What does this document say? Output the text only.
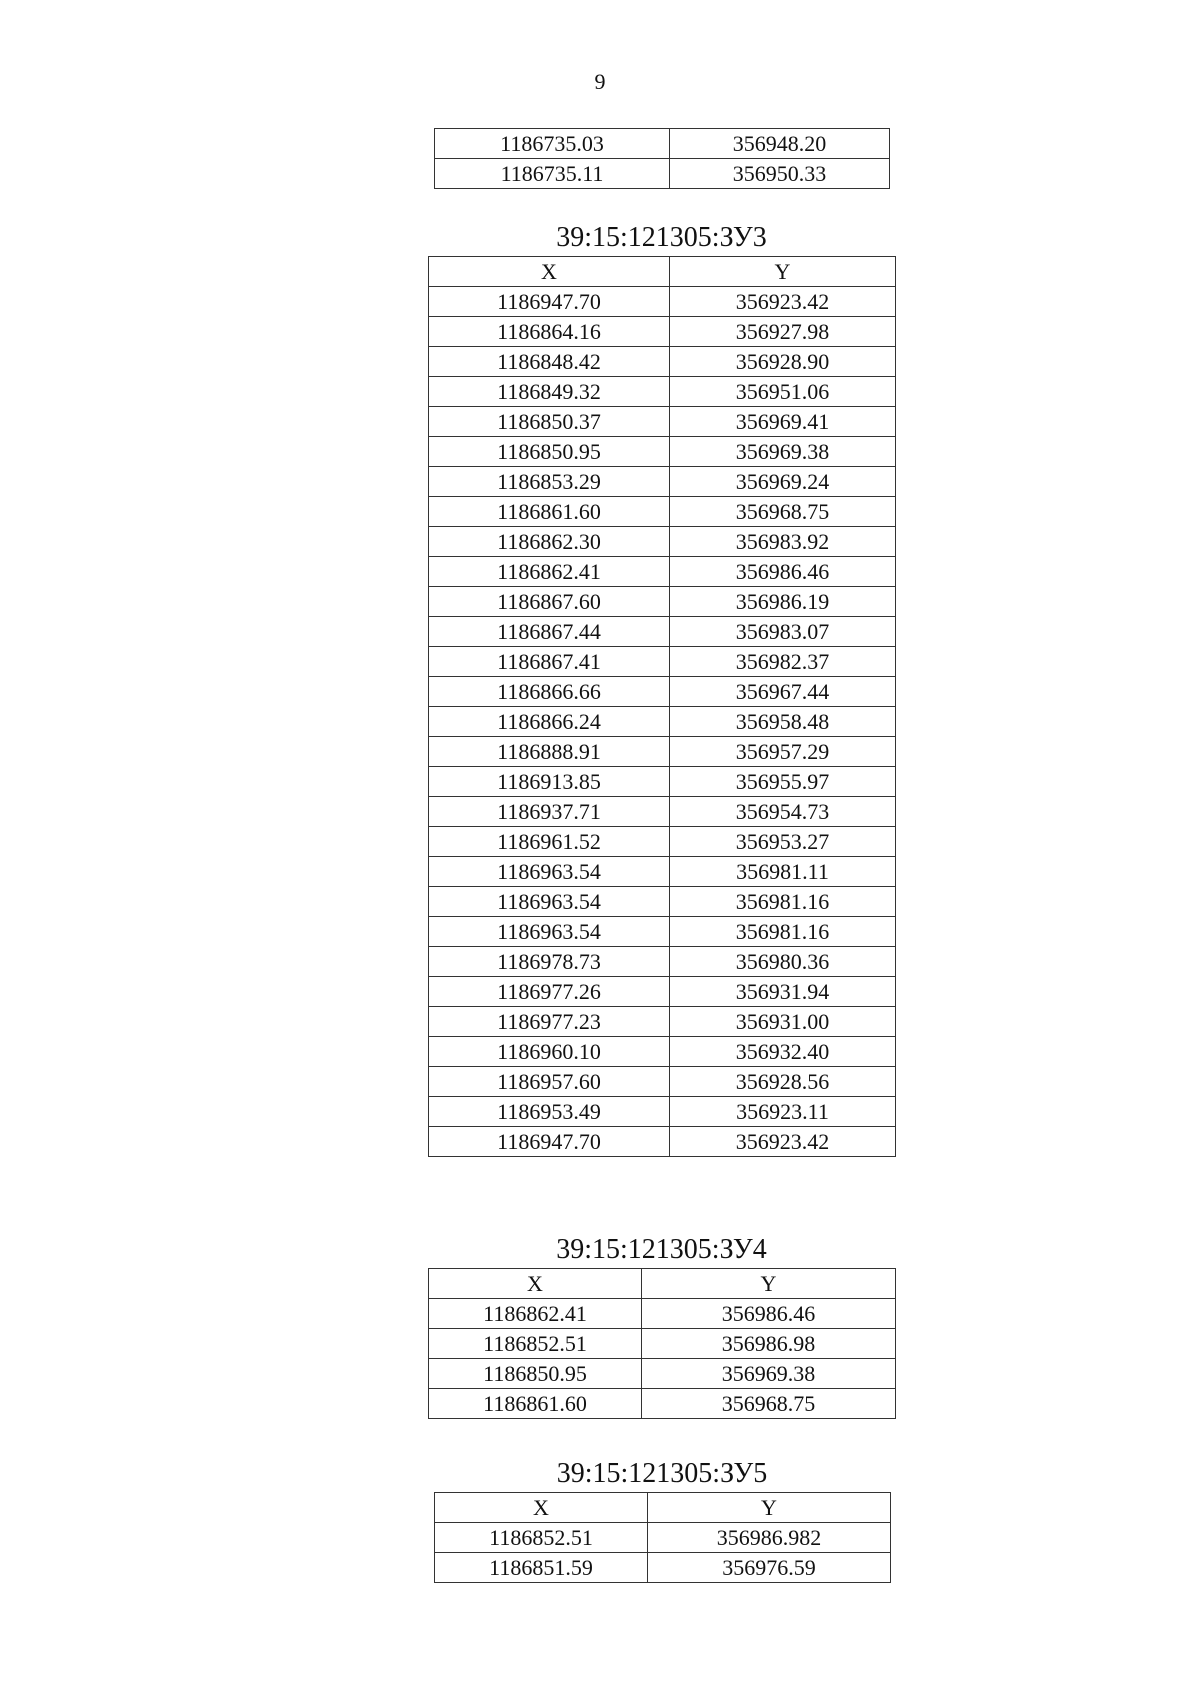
9
1186735.03	356948.20
1186735.11	356950.33
39:15:121305:ЗУ3
X	Y
1186947.70	356923.42
1186864.16	356927.98
1186848.42	356928.90
1186849.32	356951.06
1186850.37	356969.41
1186850.95	356969.38
1186853.29	356969.24
1186861.60	356968.75
1186862.30	356983.92
1186862.41	356986.46
1186867.60	356986.19
1186867.44	356983.07
1186867.41	356982.37
1186866.66	356967.44
1186866.24	356958.48
1186888.91	356957.29
1186913.85	356955.97
1186937.71	356954.73
1186961.52	356953.27
1186963.54	356981.11
1186963.54	356981.16
1186963.54	356981.16
1186978.73	356980.36
1186977.26	356931.94
1186977.23	356931.00
1186960.10	356932.40
1186957.60	356928.56
1186953.49	356923.11
1186947.70	356923.42
39:15:121305:ЗУ4
X	Y
1186862.41	356986.46
1186852.51	356986.98
1186850.95	356969.38
1186861.60	356968.75
39:15:121305:ЗУ5
X	Y
1186852.51	356986.982
1186851.59	356976.59
